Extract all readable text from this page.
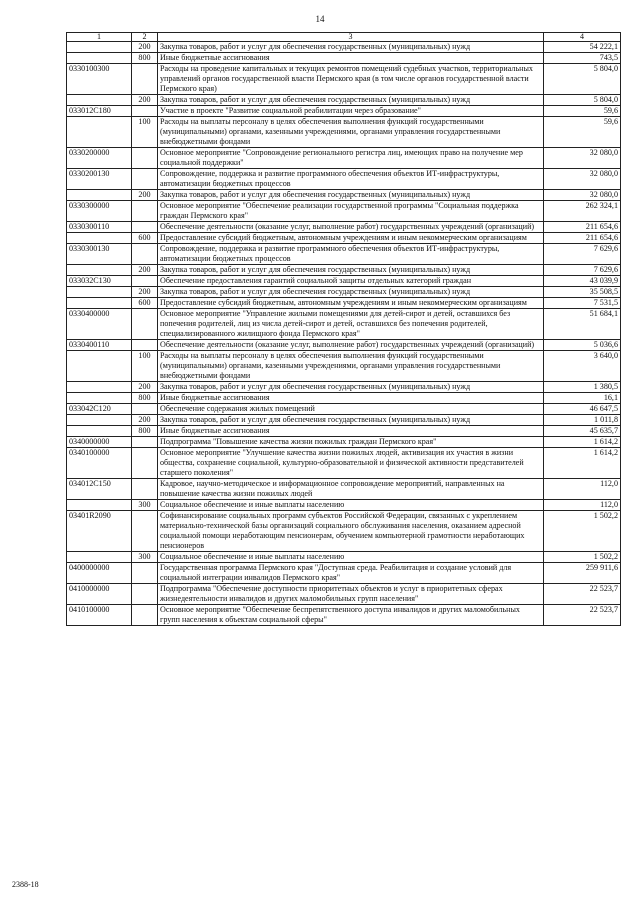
14
1	2	3	4
	200	Закупка товаров, работ и услуг для обеспечения государственных (муниципальных) нужд	54 222,1
	800	Иные бюджетные ассигнования	743,5
0330100300		Расходы на проведение капитальных и текущих ремонтов помещений судебных участков, территориальных управлений органов государственной власти Пермского края (в том числе органов государственной власти Пермского края)	5 804,0
	200	Закупка товаров, работ и услуг для обеспечения государственных (муниципальных) нужд	5 804,0
033012С180		Участие в проекте "Развитие социальной реабилитации через образование"	59,6
	100	Расходы на выплаты персоналу в целях обеспечения выполнения функций государственными (муниципальными) органами, казенными учреждениями, органами управления государственными внебюджетными фондами	59,6
0330200000		Основное мероприятие "Сопровождение регионального регистра лиц, имеющих право на получение мер социальной поддержки"	32 080,0
0330200130		Сопровождение, поддержка и развитие программного обеспечения объектов ИТ-инфраструктуры, автоматизации бюджетных процессов	32 080,0
	200	Закупка товаров, работ и услуг для обеспечения государственных (муниципальных) нужд	32 080,0
0330300000		Основное мероприятие "Обеспечение реализации государственной программы "Социальная поддержка граждан Пермского края"	262 324,1
0330300110		Обеспечение деятельности (оказание услуг, выполнение работ) государственных учреждений (организаций)	211 654,6
	600	Предоставление субсидий бюджетным, автономным учреждениям и иным некоммерческим организациям	211 654,6
0330300130		Сопровождение, поддержка и развитие программного обеспечения объектов ИТ-инфраструктуры, автоматизации бюджетных процессов	7 629,6
	200	Закупка товаров, работ и услуг для обеспечения государственных (муниципальных) нужд	7 629,6
033032С130		Обеспечение предоставления гарантий социальной защиты отдельных категорий граждан	43 039,9
	200	Закупка товаров, работ и услуг для обеспечения государственных (муниципальных) нужд	35 508,5
	600	Предоставление субсидий бюджетным, автономным учреждениям и иным некоммерческим организациям	7 531,5
0330400000		Основное мероприятие "Управление жилыми помещениями для детей-сирот и детей, оставшихся без попечения родителей, лиц из числа детей-сирот и детей, оставшихся без попечения родителей, специализированного жилищного фонда Пермского края"	51 684,1
0330400110		Обеспечение деятельности (оказание услуг, выполнение работ) государственных учреждений (организаций)	5 036,6
	100	Расходы на выплаты персоналу в целях обеспечения выполнения функций государственными (муниципальными) органами, казенными учреждениями, органами управления государственными внебюджетными фондами	3 640,0
	200	Закупка товаров, работ и услуг для обеспечения государственных (муниципальных) нужд	1 380,5
	800	Иные бюджетные ассигнования	16,1
033042С120		Обеспечение содержания жилых помещений	46 647,5
	200	Закупка товаров, работ и услуг для обеспечения государственных (муниципальных) нужд	1 011,8
	800	Иные бюджетные ассигнования	45 635,7
0340000000		Подпрограмма "Повышение качества жизни пожилых граждан Пермского края"	1 614,2
0340100000		Основное мероприятие "Улучшение качества жизни пожилых людей, активизация их участия в жизни общества, сохранение социальной, культурно-образовательной и физической активности представителей старшего поколения"	1 614,2
034012С150		Кадровое, научно-методическое и информационное сопровождение мероприятий, направленных на повышение качества жизни пожилых людей	112,0
	300	Социальное обеспечение и иные выплаты населению	112,0
03401R2090		Софинансирование социальных программ субъектов Российской Федерации, связанных с укреплением материально-технической базы организаций социального обслуживания населения, оказанием адресной социальной помощи неработающим пенсионерам, обучением компьютерной грамотности неработающих пенсионеров	1 502,2
	300	Социальное обеспечение и иные выплаты населению	1 502,2
0400000000		Государственная программа Пермского края "Доступная среда. Реабилитация и создание условий для социальной интеграции инвалидов Пермского края"	259 911,6
0410000000		Подпрограмма "Обеспечение доступности приоритетных объектов и услуг в приоритетных сферах жизнедеятельности инвалидов и других маломобильных групп населения"	22 523,7
0410100000		Основное мероприятие "Обеспечение беспрепятственного доступа инвалидов и других маломобильных групп населения к объектам социальной сферы"	22 523,7
2388-18
